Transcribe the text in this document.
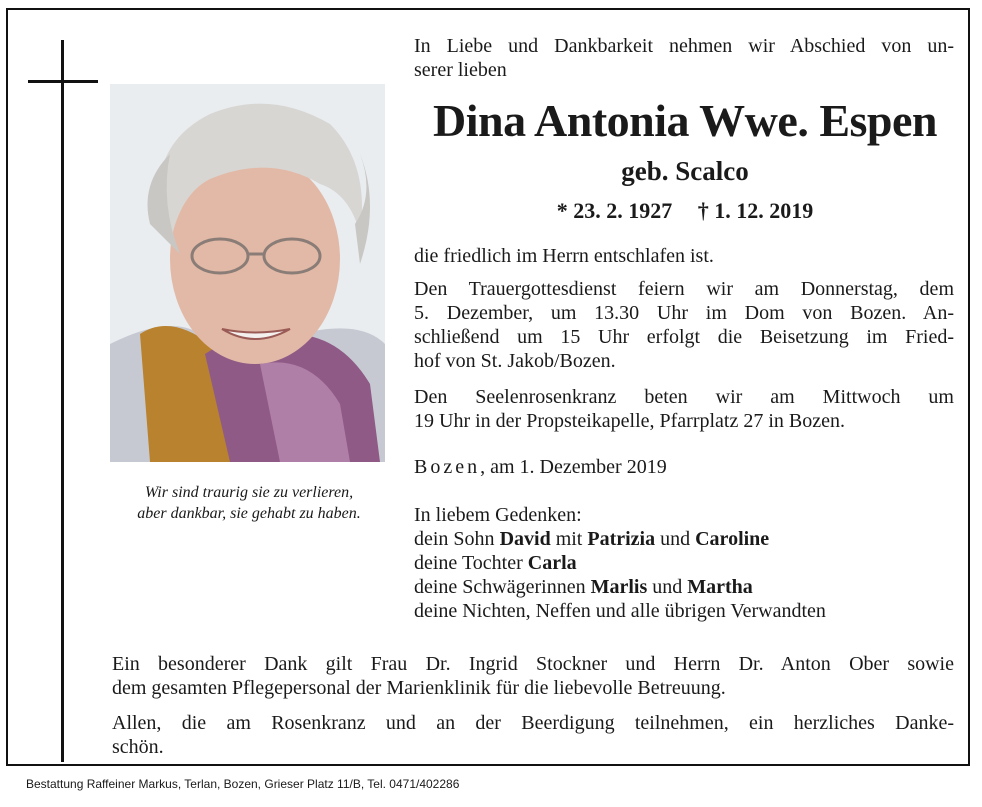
Wir sind traurig sie zu verlieren,
aber dankbar, sie gehabt zu haben.
In Liebe und Dankbarkeit nehmen wir Abschied von un-
serer lieben
Dina Antonia Wwe. Espen
geb. Scalco
* 23. 2. 1927 † 1. 12. 2019
die friedlich im Herrn entschlafen ist.
Den Trauergottesdienst feiern wir am Donnerstag, dem
5. Dezember, um 13.30 Uhr im Dom von Bozen. An-
schließend um 15 Uhr erfolgt die Beisetzung im Fried-
hof von St. Jakob/Bozen.
Den Seelenrosenkranz beten wir am Mittwoch um
19 Uhr in der Propsteikapelle, Pfarrplatz 27 in Bozen.
Bozen, am 1. Dezember 2019
In liebem Gedenken:
dein Sohn David mit Patrizia und Caroline
deine Tochter Carla
deine Schwägerinnen Marlis und Martha
deine Nichten, Neffen und alle übrigen Verwandten
Ein besonderer Dank gilt Frau Dr. Ingrid Stockner und Herrn Dr. Anton Ober sowie
dem gesamten Pflegepersonal der Marienklinik für die liebevolle Betreuung.
Allen, die am Rosenkranz und an der Beerdigung teilnehmen, ein herzliches Danke-
schön.
Bestattung Raffeiner Markus, Terlan, Bozen, Grieser Platz 11/B, Tel. 0471/402286
